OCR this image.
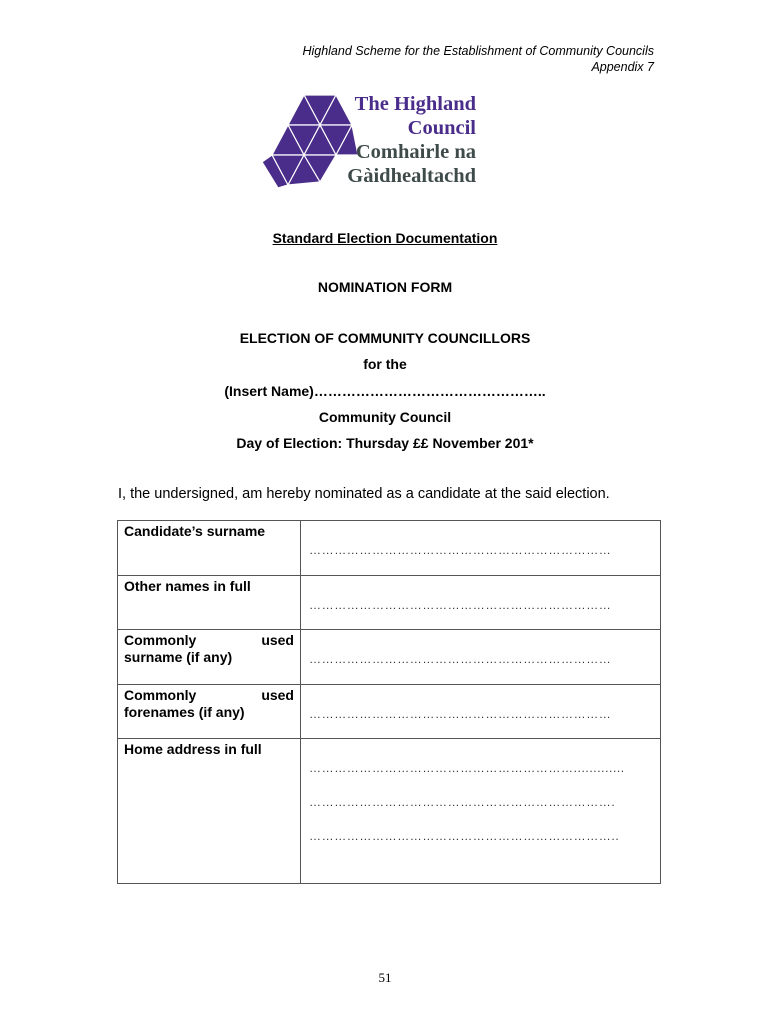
Highland Scheme for the Establishment of Community Councils
Appendix 7
The Highland
Council
Comhairle na
Gàidhealtachd
Standard Election Documentation
NOMINATION FORM
ELECTION OF COMMUNITY COUNCILLORS
for the
(Insert Name)…………………………………………..
Community Council
Day of Election: Thursday ££ November 201*
I, the undersigned, am hereby nominated as a candidate at the said election.
Candidate’s surname	………………………………………………………………

Other names in full	………………………………………………………………

Commonly used
surname (if any)	………………………………………………………………

Commonly used
forenames (if any)	………………………………………………………………

Home address in full	……………………………………………………….............
……………………………………………………………….
………………………………………………………………..
51
